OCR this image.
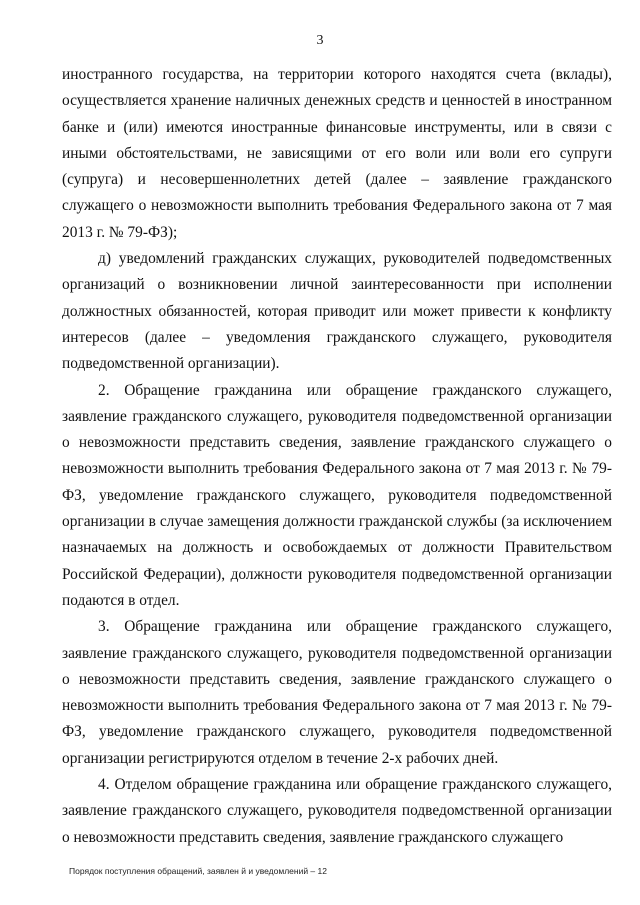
3

иностранного государства, на территории которого находятся счета (вклады), осуществляется хранение наличных денежных средств и ценностей в иностранном банке и (или) имеются иностранные финансовые инструменты, или в связи с иными обстоятельствами, не зависящими от его воли или воли его супруги (супруга) и несовершеннолетних детей (далее – заявление гражданского служащего о невозможности выполнить требования Федерального закона от 7 мая 2013 г. № 79-ФЗ);

д) уведомлений гражданских служащих, руководителей подведомственных организаций о возникновении личной заинтересованности при исполнении должностных обязанностей, которая приводит или может привести к конфликту интересов (далее – уведомления гражданского служащего, руководителя подведомственной организации).

2. Обращение гражданина или обращение гражданского служащего, заявление гражданского служащего, руководителя подведомственной организации о невозможности представить сведения, заявление гражданского служащего о невозможности выполнить требования Федерального закона от 7 мая 2013 г. № 79-ФЗ, уведомление гражданского служащего, руководителя подведомственной организации в случае замещения должности гражданской службы (за исключением назначаемых на должность и освобождаемых от должности Правительством Российской Федерации), должности руководителя подведомственной организации подаются в отдел.

3. Обращение гражданина или обращение гражданского служащего, заявление гражданского служащего, руководителя подведомственной организации о невозможности представить сведения, заявление гражданского служащего о невозможности выполнить требования Федерального закона от 7 мая 2013 г. № 79-ФЗ, уведомление гражданского служащего, руководителя подведомственной организации регистрируются отделом в течение 2-х рабочих дней.

4. Отделом обращение гражданина или обращение гражданского служащего, заявление гражданского служащего, руководителя подведомственной организации о невозможности представить сведения, заявление гражданского служащего

Порядок поступления обращений, заявлен й и уведомлений – 12
